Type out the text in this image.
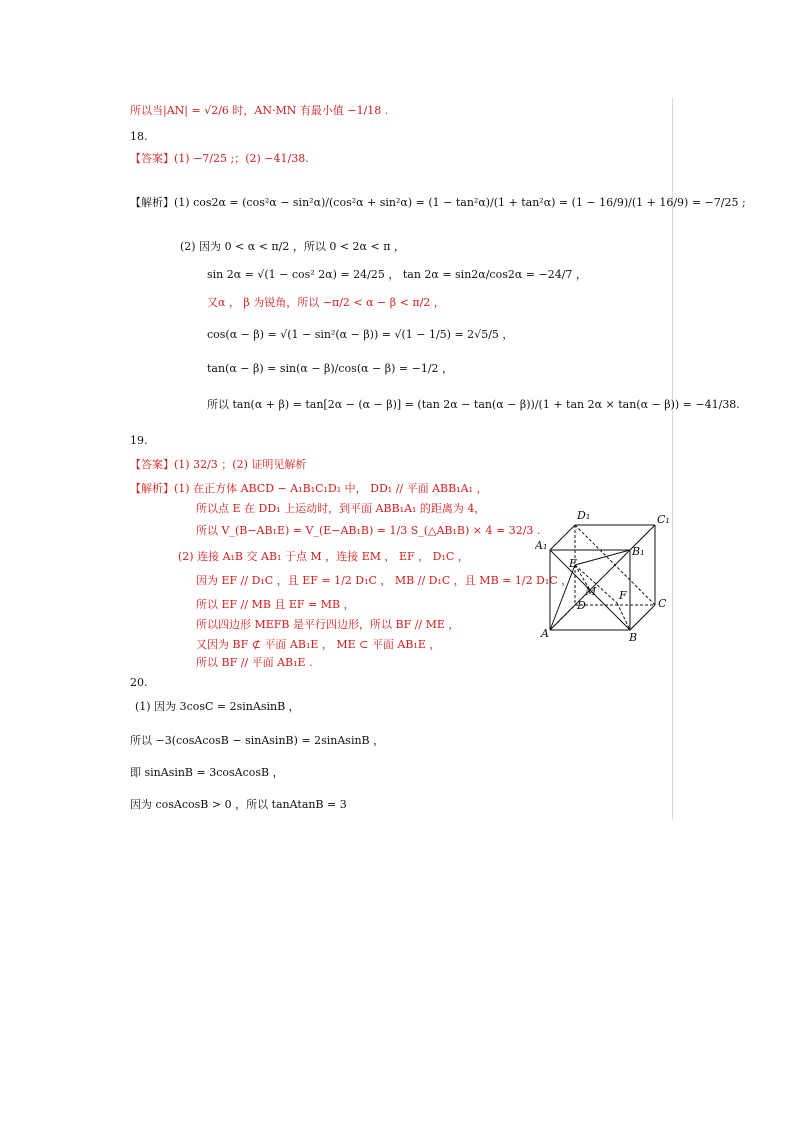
所以当|AN| = √2/6 时，AN·MN 有最小值 −1/18 .
18.
【答案】(1) −7/25 ;；(2) −41/38.
【解析】(1) cos2α = (cos²α − sin²α)/(cos²α + sin²α) = (1 − tan²α)/(1 + tan²α) = (1 − 16/9)/(1 + 16/9) = −7/25 ;
(2) 因为 0 < α < π/2 ，所以 0 < 2α < π ，
sin 2α = √(1 − cos² 2α) = 24/25 ， tan 2α = sin2α/cos2α = −24/7 ，
又α ， β 为锐角，所以 −π/2 < α − β < π/2 ，
cos(α − β) = √(1 − sin²(α − β)) = √(1 − 1/5) = 2√5/5 ，
tan(α − β) = sin(α − β)/cos(α − β) = −1/2 ，
所以 tan(α + β) = tan[2α − (α − β)] = (tan 2α − tan(α − β))/(1 + tan 2α × tan(α − β)) = −41/38.
19.
【答案】(1) 32/3 ；(2) 证明见解析
【解析】(1) 在正方体 ABCD − A₁B₁C₁D₁ 中， DD₁ // 平面 ABB₁A₁ ，
所以点 E 在 DD₁ 上运动时，到平面 ABB₁A₁ 的距离为 4，
所以 V_(B−AB₁E) = V_(E−AB₁B) = 1/3 S_(△AB₁B) × 4 = 32/3 .
(2) 连接 A₁B 交 AB₁ 于点 M ，连接 EM ， EF ， D₁C ，
因为 EF // D₁C ，且 EF = 1/2 D₁C ， MB // D₁C ，且 MB = 1/2 D₁C ，
所以 EF // MB 且 EF = MB ，
所以四边形 MEFB 是平行四边形，所以 BF // ME ，
又因为 BF ⊄ 平面 AB₁E ， ME ⊂ 平面 AB₁E ，
所以 BF // 平面 AB₁E .
D₁	C₁
A₁	B₁
E
M
D
F
C
A	B
20.
(1) 因为 3cosC = 2sinAsinB ，
所以 −3(cosAcosB − sinAsinB) = 2sinAsinB ，
即 sinAsinB = 3cosAcosB ，
因为 cosAcosB > 0 ，所以 tanAtanB = 3
